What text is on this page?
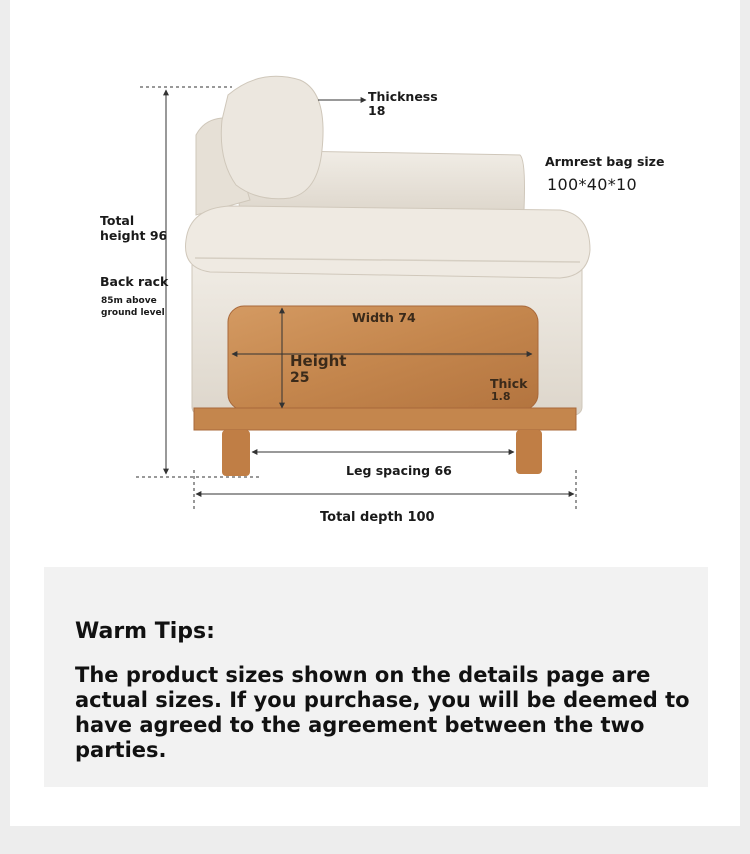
Thickness
18
Armrest bag size
100*40*10
Total
height 96
Back rack
85m above
ground level	Width 74
Height
25	Thick
1.8
Leg spacing 66
Total depth 100
Warm Tips:
The product sizes shown on the details page are actual sizes. If you purchase, you will be deemed to have agreed to the agreement between the two parties.
